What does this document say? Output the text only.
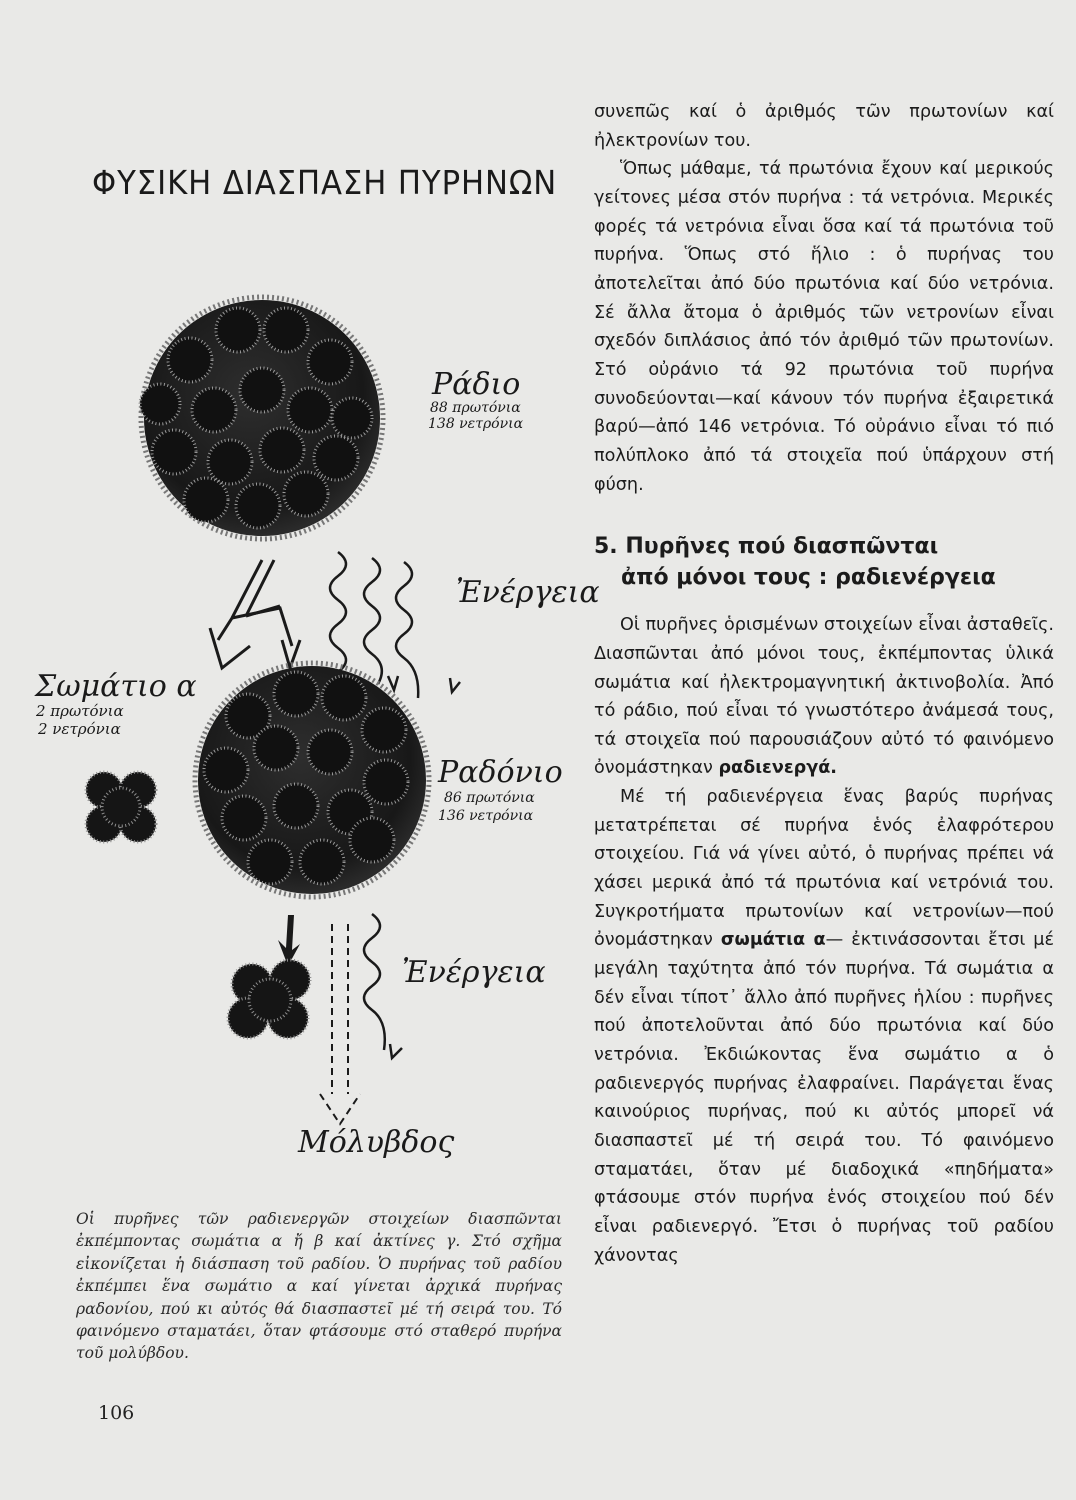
ΦΥΣΙΚΗ ΔΙΑΣΠΑΣΗ ΠΥΡΗΝΩΝ
Ράδιο
88 πρωτόνια
138 νετρόνια
Ἐνέργεια
Σωμάτιο α
2 πρωτόνια
2 νετρόνια
Ραδόνιο
86 πρωτόνια
136 νετρόνια
Ἐνέργεια
Μόλυβδος

Οἱ πυρῆνες τῶν ραδιενεργῶν στοιχείων διασπῶνται ἐκπέμποντας σωμάτια α ἤ β καί ἀκτίνες γ. Στό σχῆμα εἰκονίζεται ἡ διάσπαση τοῦ ραδίου. Ὁ πυρήνας τοῦ ραδίου ἐκπέμπει ἕνα σωμάτιο α καί γίνεται ἀρχικά πυρήνας ραδονίου, πού κι αὐτός θά διασπαστεῖ μέ τή σειρά του. Τό φαινόμενο σταματάει, ὅταν φτάσουμε στό σταθερό πυρήνα τοῦ μολύβδου.

106

συνεπῶς καί ὁ ἀριθμός τῶν πρωτονίων καί ἠλεκτρονίων του.

Ὅπως μάθαμε, τά πρωτόνια ἔχουν καί μερικούς γείτονες μέσα στόν πυρήνα : τά νετρόνια. Μερικές φορές τά νετρόνια εἶναι ὅσα καί τά πρωτόνια τοῦ πυρήνα. Ὅπως στό ἥλιο : ὁ πυρήνας του ἀποτελεῖται ἀπό δύο πρωτόνια καί δύο νετρόνια. Σέ ἄλλα ἄτομα ὁ ἀριθμός τῶν νετρονίων εἶναι σχεδόν διπλάσιος ἀπό τόν ἀριθμό τῶν πρωτονίων. Στό οὐράνιο τά 92 πρωτόνια τοῦ πυρήνα συνοδεύονται—καί κάνουν τόν πυρήνα ἐξαιρετικά βαρύ—ἀπό 146 νετρόνια. Τό οὐράνιο εἶναι τό πιό πολύπλοκο ἀπό τά στοιχεῖα πού ὑπάρχουν στή φύση.

5. Πυρῆνες πού διασπῶνται
ἀπό μόνοι τους : ραδιενέργεια

Οἱ πυρῆνες ὁρισμένων στοιχείων εἶναι ἀσταθεῖς. Διασπῶνται ἀπό μόνοι τους, ἐκπέμποντας ὑλικά σωμάτια καί ἠλεκτρομαγνητική ἀκτινοβολία. Ἀπό τό ράδιο, πού εἶναι τό γνωστότερο ἀνάμεσά τους, τά στοιχεῖα πού παρουσιάζουν αὐτό τό φαινόμενο ὀνομάστηκαν ραδιενεργά.

Μέ τή ραδιενέργεια ἕνας βαρύς πυρήνας μετατρέπεται σέ πυρήνα ἑνός ἐλαφρότερου στοιχείου. Γιά νά γίνει αὐτό, ὁ πυρήνας πρέπει νά χάσει μερικά ἀπό τά πρωτόνια καί νετρόνιά του. Συγκροτήματα πρωτονίων καί νετρονίων—πού ὀνομάστηκαν σωμάτια α— ἐκτινάσσονται ἔτσι μέ μεγάλη ταχύτητα ἀπό τόν πυρήνα. Τά σωμάτια α δέν εἶναι τίποτ᾽ ἄλλο ἀπό πυρῆνες ἡλίου : πυρῆνες πού ἀποτελοῦνται ἀπό δύο πρωτόνια καί δύο νετρόνια. Ἐκδιώκοντας ἕνα σωμάτιο α ὁ ραδιενεργός πυρήνας ἐλαφραίνει. Παράγεται ἕνας καινούριος πυρήνας, πού κι αὐτός μπορεῖ νά διασπαστεῖ μέ τή σειρά του. Τό φαινόμενο σταματάει, ὅταν μέ διαδοχικά «πηδήματα» φτάσουμε στόν πυρήνα ἑνός στοιχείου πού δέν εἶναι ραδιενεργό. Ἔτσι ὁ πυρήνας τοῦ ραδίου χάνοντας
